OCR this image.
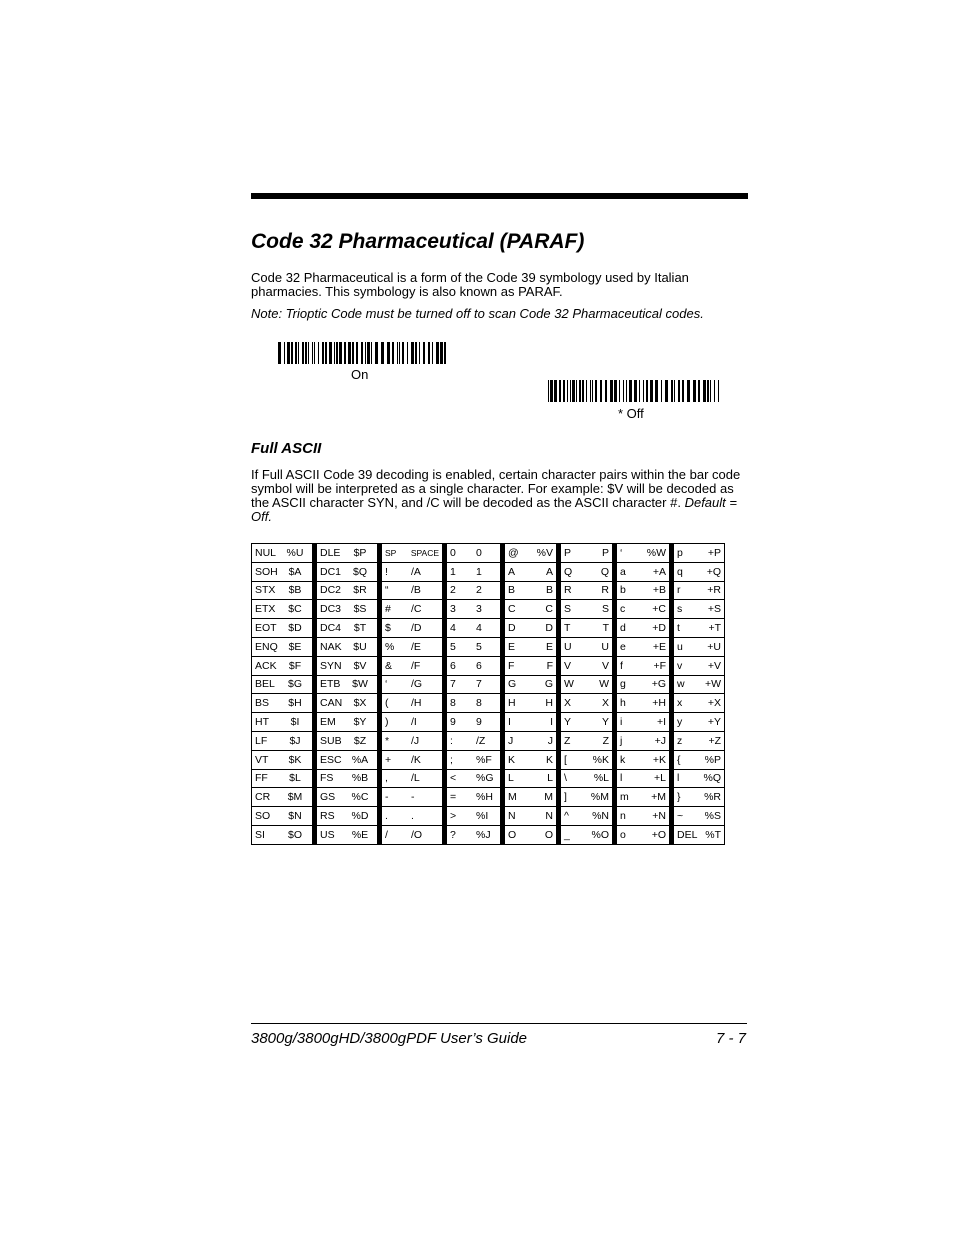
Code 32 Pharmaceutical (PARAF)

Code 32 Pharmaceutical is a form of the Code 39 symbology used by Italian pharmacies. This symbology is also known as PARAF.

Note: Trioptic Code must be turned off to scan Code 32 Pharmaceutical codes.

On
* Off
Full ASCII

If Full ASCII Code 39 decoding is enabled, certain character pairs within the bar code symbol will be interpreted as a single character. For example: $V will be decoded as the ASCII character SYN, and /C will be decoded as the ASCII character #. Default = Off.

NUL %U		DLE $P		SP SPACE		0 0		@ %V		P P		‘ %W		p +P

SOH $A		DC1 $Q		! /A		1 1		A A		Q Q		a +A		q +Q

STX $B		DC2 $R		“ /B		2 2		B B		R R		b +B		r +R

ETX $C		DC3 $S		# /C		3 3		C C		S S		c +C		s +S

EOT $D		DC4 $T		$ /D		4 4		D D		T T		d +D		t +T

ENQ $E		NAK $U		% /E		5 5		E E		U U		e +E		u +U

ACK $F		SYN $V		& /F		6 6		F F		V V		f +F		v +V

BEL $G		ETB $W		‘ /G		7 7		G G		W W		g +G		w +W

BS $H		CAN $X		( /H		8 8		H H		X X		h +H		x +X

HT $I		EM $Y		) /I		9 9		I I		Y Y		i +I		y +Y

LF $J		SUB $Z		* /J		: /Z		J J		Z Z		j +J		z +Z

VT $K		ESC %A		+ /K		; %F		K K		[ %K		k +K		{ %P

FF $L		FS %B		, /L		< %G		L L		\ %L		l +L		l %Q

CR $M		GS %C		- -		= %H		M M		] %M		m +M		} %R

SO $N		RS %D		. .		> %I		N N		^ %N		n +N		~ %S

SI $O		US %E		/ /O		? %J		O O		_ %O		o +O		DEL %T
3800g/3800gHD/3800gPDF User’s Guide	7 - 7
